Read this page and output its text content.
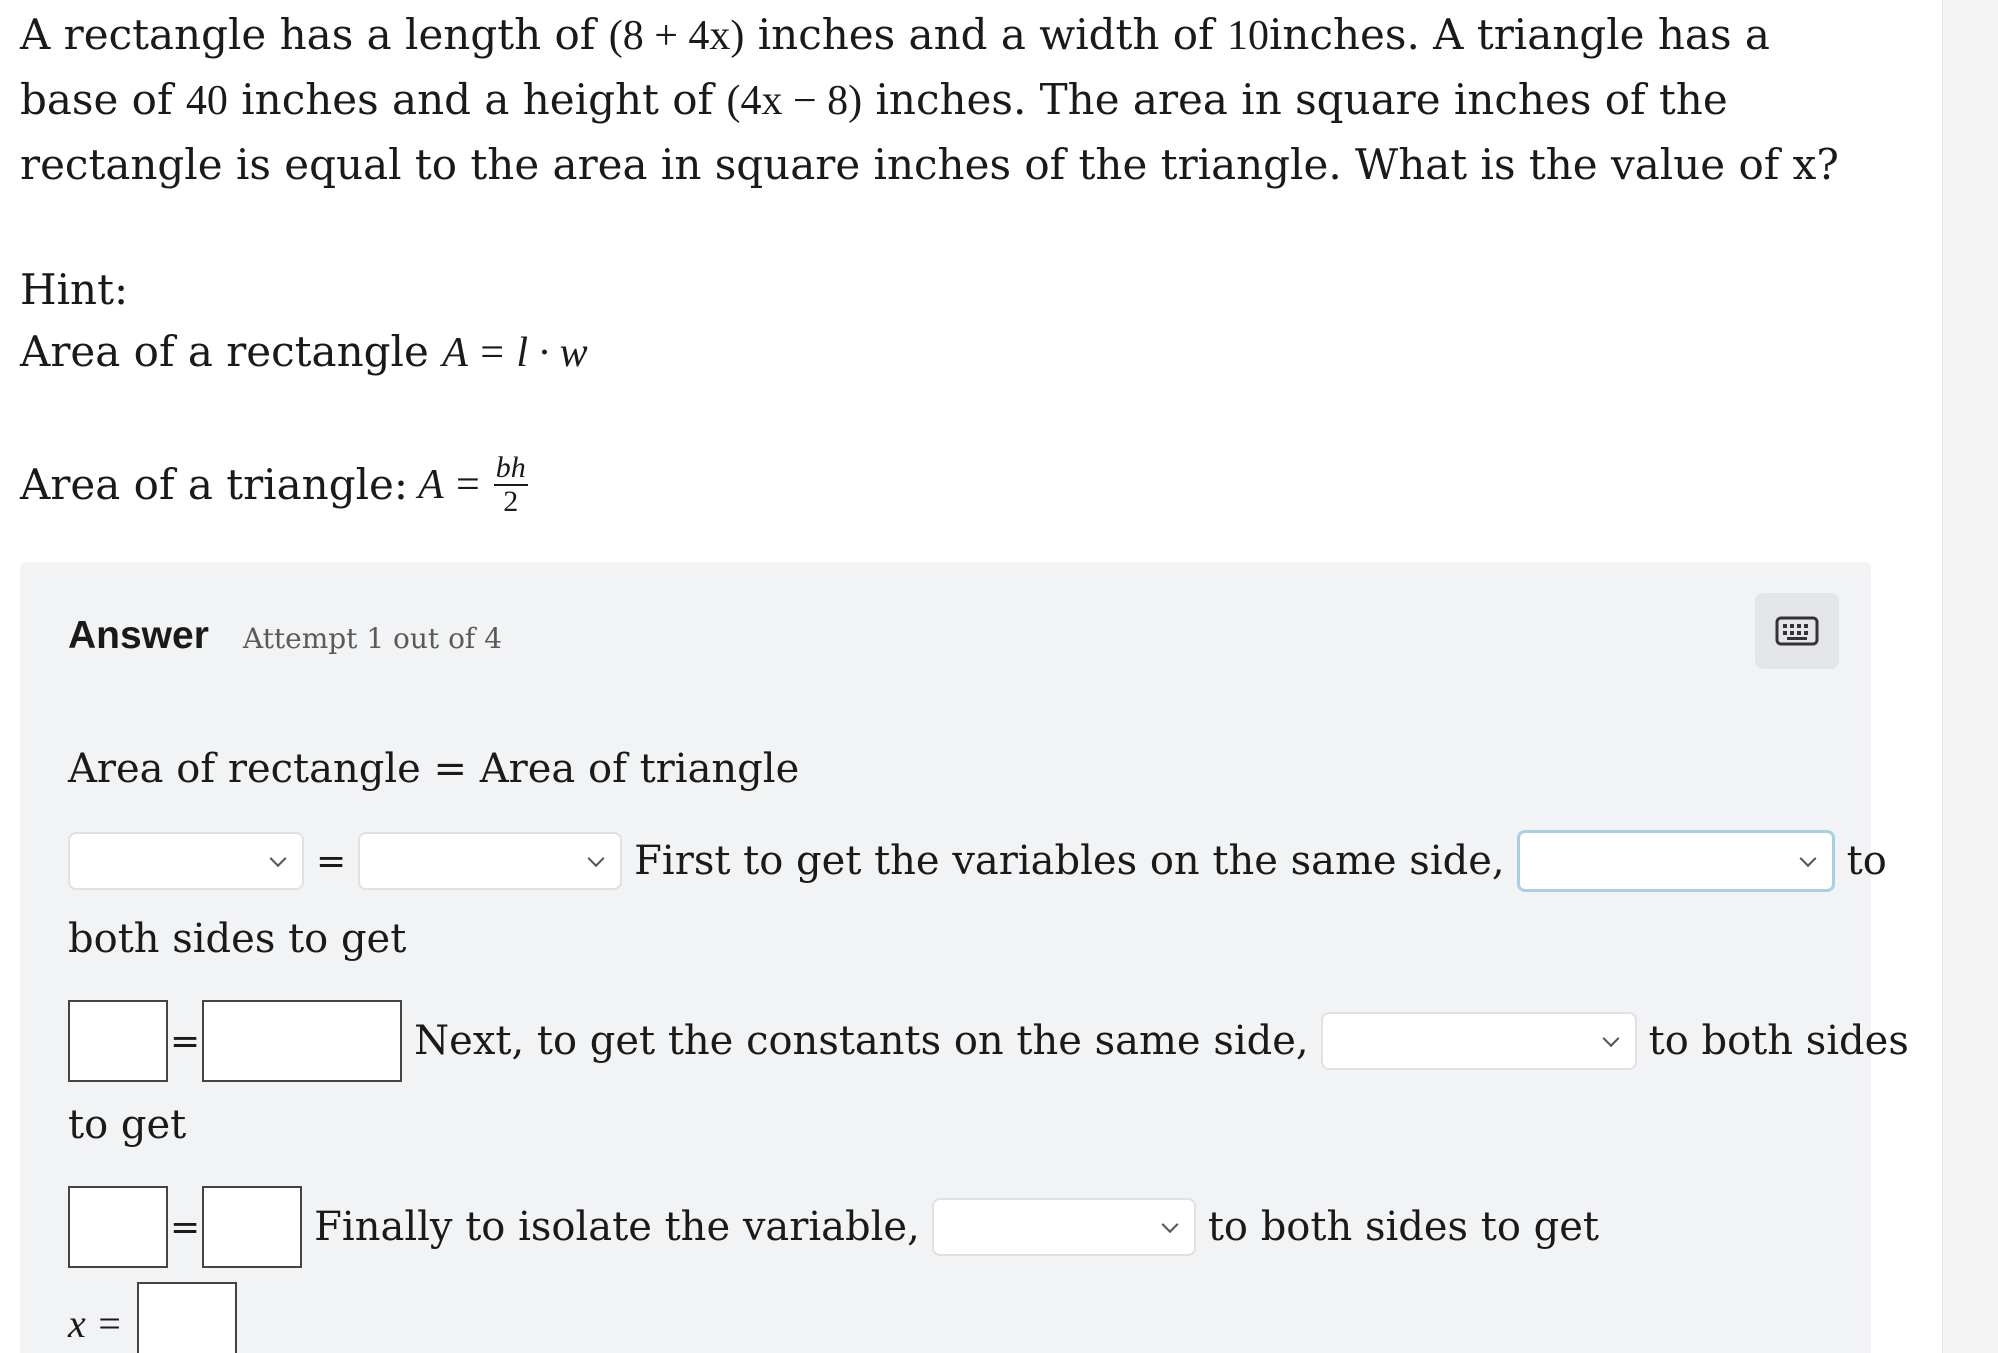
A rectangle has a length of (8 + 4x) inches and a width of 10inches. A triangle has a base of 40 inches and a height of (4x − 8) inches. The area in square inches of the rectangle is equal to the area in square inches of the triangle. What is the value of x?
Hint:
Area of a rectangle A = l · w
Area of a triangle: $A = \frac{bh}{2}$
Answer Attempt 1 out of 4
Area of rectangle = Area of triangle
=	First to get the variables on the same side,	to
both sides to get
=	Next, to get the constants on the same side,	to both sides
to get
=	Finally to isolate the variable,	to both sides to get
x =
